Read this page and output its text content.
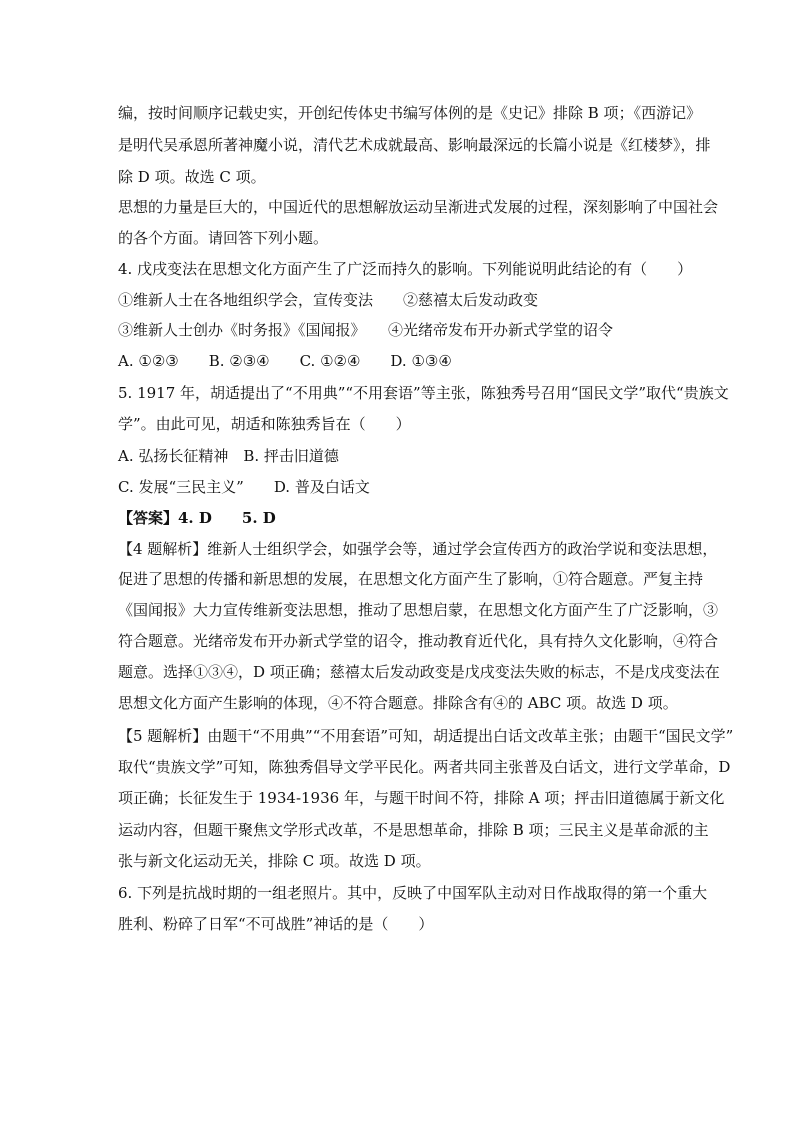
编，按时间顺序记载史实，开创纪传体史书编写体例的是《史记》排除 B 项；《西游记》
是明代吴承恩所著神魔小说，清代艺术成就最高、影响最深远的长篇小说是《红楼梦》，排
除 D 项。故选 C 项。
思想的力量是巨大的，中国近代的思想解放运动呈渐进式发展的过程，深刻影响了中国社会
的各个方面。请回答下列小题。
4. 戊戌变法在思想文化方面产生了广泛而持久的影响。下列能说明此结论的有（　　）
①维新人士在各地组织学会，宣传变法　　②慈禧太后发动政变
③维新人士创办《时务报》《国闻报》　　④光绪帝发布开办新式学堂的诏令
A. ①②③　　B. ②③④　　C. ①②④　　D. ①③④
5. 1917 年，胡适提出了“不用典”“不用套语”等主张，陈独秀号召用“国民文学”取代“贵族文
学”。由此可见，胡适和陈独秀旨在（　　）
A. 弘扬长征精神　B. 抨击旧道德
C. 发展“三民主义”　　D. 普及白话文
【答案】4. D　　5. D
【4 题解析】维新人士组织学会，如强学会等，通过学会宣传西方的政治学说和变法思想，
促进了思想的传播和新思想的发展，在思想文化方面产生了影响，①符合题意。严复主持
《国闻报》大力宣传维新变法思想，推动了思想启蒙，在思想文化方面产生了广泛影响，③
符合题意。光绪帝发布开办新式学堂的诏令，推动教育近代化，具有持久文化影响，④符合
题意。选择①③④，D 项正确；慈禧太后发动政变是戊戌变法失败的标志，不是戊戌变法在
思想文化方面产生影响的体现，④不符合题意。排除含有④的 ABC 项。故选 D 项。
【5 题解析】由题干“不用典”“不用套语”可知，胡适提出白话文改革主张；由题干“国民文学”
取代“贵族文学”可知，陈独秀倡导文学平民化。两者共同主张普及白话文，进行文学革命，D
项正确；长征发生于 1934-1936 年，与题干时间不符，排除 A 项；抨击旧道德属于新文化
运动内容，但题干聚焦文学形式改革，不是思想革命，排除 B 项；三民主义是革命派的主
张与新文化运动无关，排除 C 项。故选 D 项。
6. 下列是抗战时期的一组老照片。其中，反映了中国军队主动对日作战取得的第一个重大
胜利、粉碎了日军“不可战胜”神话的是（　　）
